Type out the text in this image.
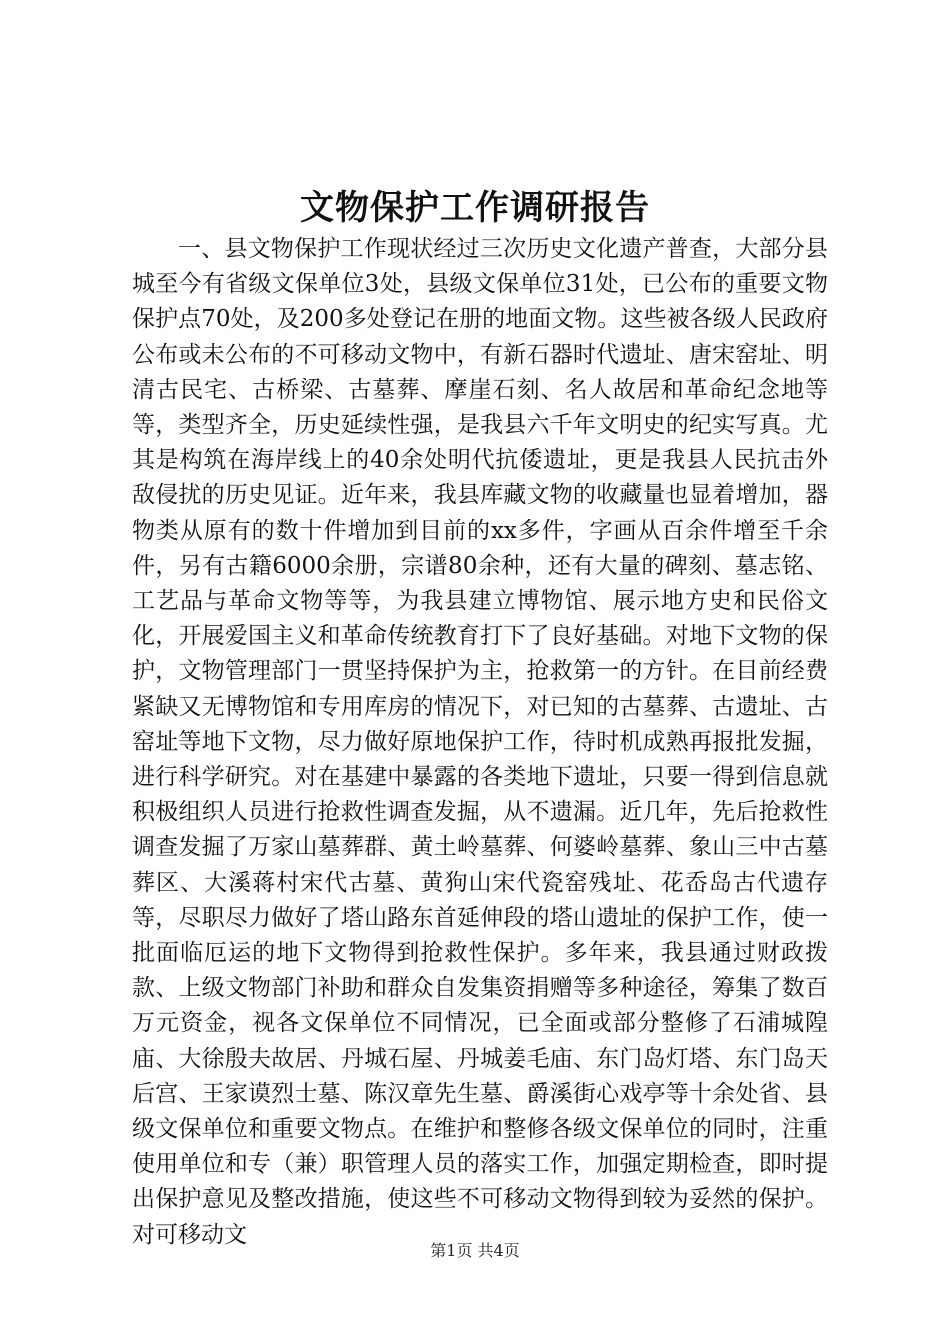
文物保护工作调研报告

一、县文物保护工作现状经过三次历史文化遗产普查，大部分县城至今有省级文保单位3处，县级文保单位31处，已公布的重要文物保护点70处，及200多处登记在册的地面文物。这些被各级人民政府公布或未公布的不可移动文物中，有新石器时代遗址、唐宋窑址、明清古民宅、古桥梁、古墓葬、摩崖石刻、名人故居和革命纪念地等等，类型齐全，历史延续性强，是我县六千年文明史的纪实写真。尤其是构筑在海岸线上的40余处明代抗倭遗址，更是我县人民抗击外敌侵扰的历史见证。近年来，我县库藏文物的收藏量也显着增加，器物类从原有的数十件增加到目前的xx多件，字画从百余件增至千余件，另有古籍6000余册，宗谱80余种，还有大量的碑刻、墓志铭、工艺品与革命文物等等，为我县建立博物馆、展示地方史和民俗文化，开展爱国主义和革命传统教育打下了良好基础。对地下文物的保护，文物管理部门一贯坚持保护为主，抢救第一的方针。在目前经费紧缺又无博物馆和专用库房的情况下，对已知的古墓葬、古遗址、古窑址等地下文物，尽力做好原地保护工作，待时机成熟再报批发掘，进行科学研究。对在基建中暴露的各类地下遗址，只要一得到信息就积极组织人员进行抢救性调查发掘，从不遗漏。近几年，先后抢救性调查发掘了万家山墓葬群、黄土岭墓葬、何婆岭墓葬、象山三中古墓葬区、大溪蒋村宋代古墓、黄狗山宋代瓷窑残址、花岙岛古代遗存等，尽职尽力做好了塔山路东首延伸段的塔山遗址的保护工作，使一批面临厄运的地下文物得到抢救性保护。多年来，我县通过财政拨款、上级文物部门补助和群众自发集资捐赠等多种途径，筹集了数百万元资金，视各文保单位不同情况，已全面或部分整修了石浦城隍庙、大徐殷夫故居、丹城石屋、丹城姜毛庙、东门岛灯塔、东门岛天后宫、王家谟烈士墓、陈汉章先生墓、爵溪街心戏亭等十余处省、县级文保单位和重要文物点。在维护和整修各级文保单位的同时，注重使用单位和专（兼）职管理人员的落实工作，加强定期检查，即时提出保护意见及整改措施，使这些不可移动文物得到较为妥然的保护。对可移动文

第1页 共4页
